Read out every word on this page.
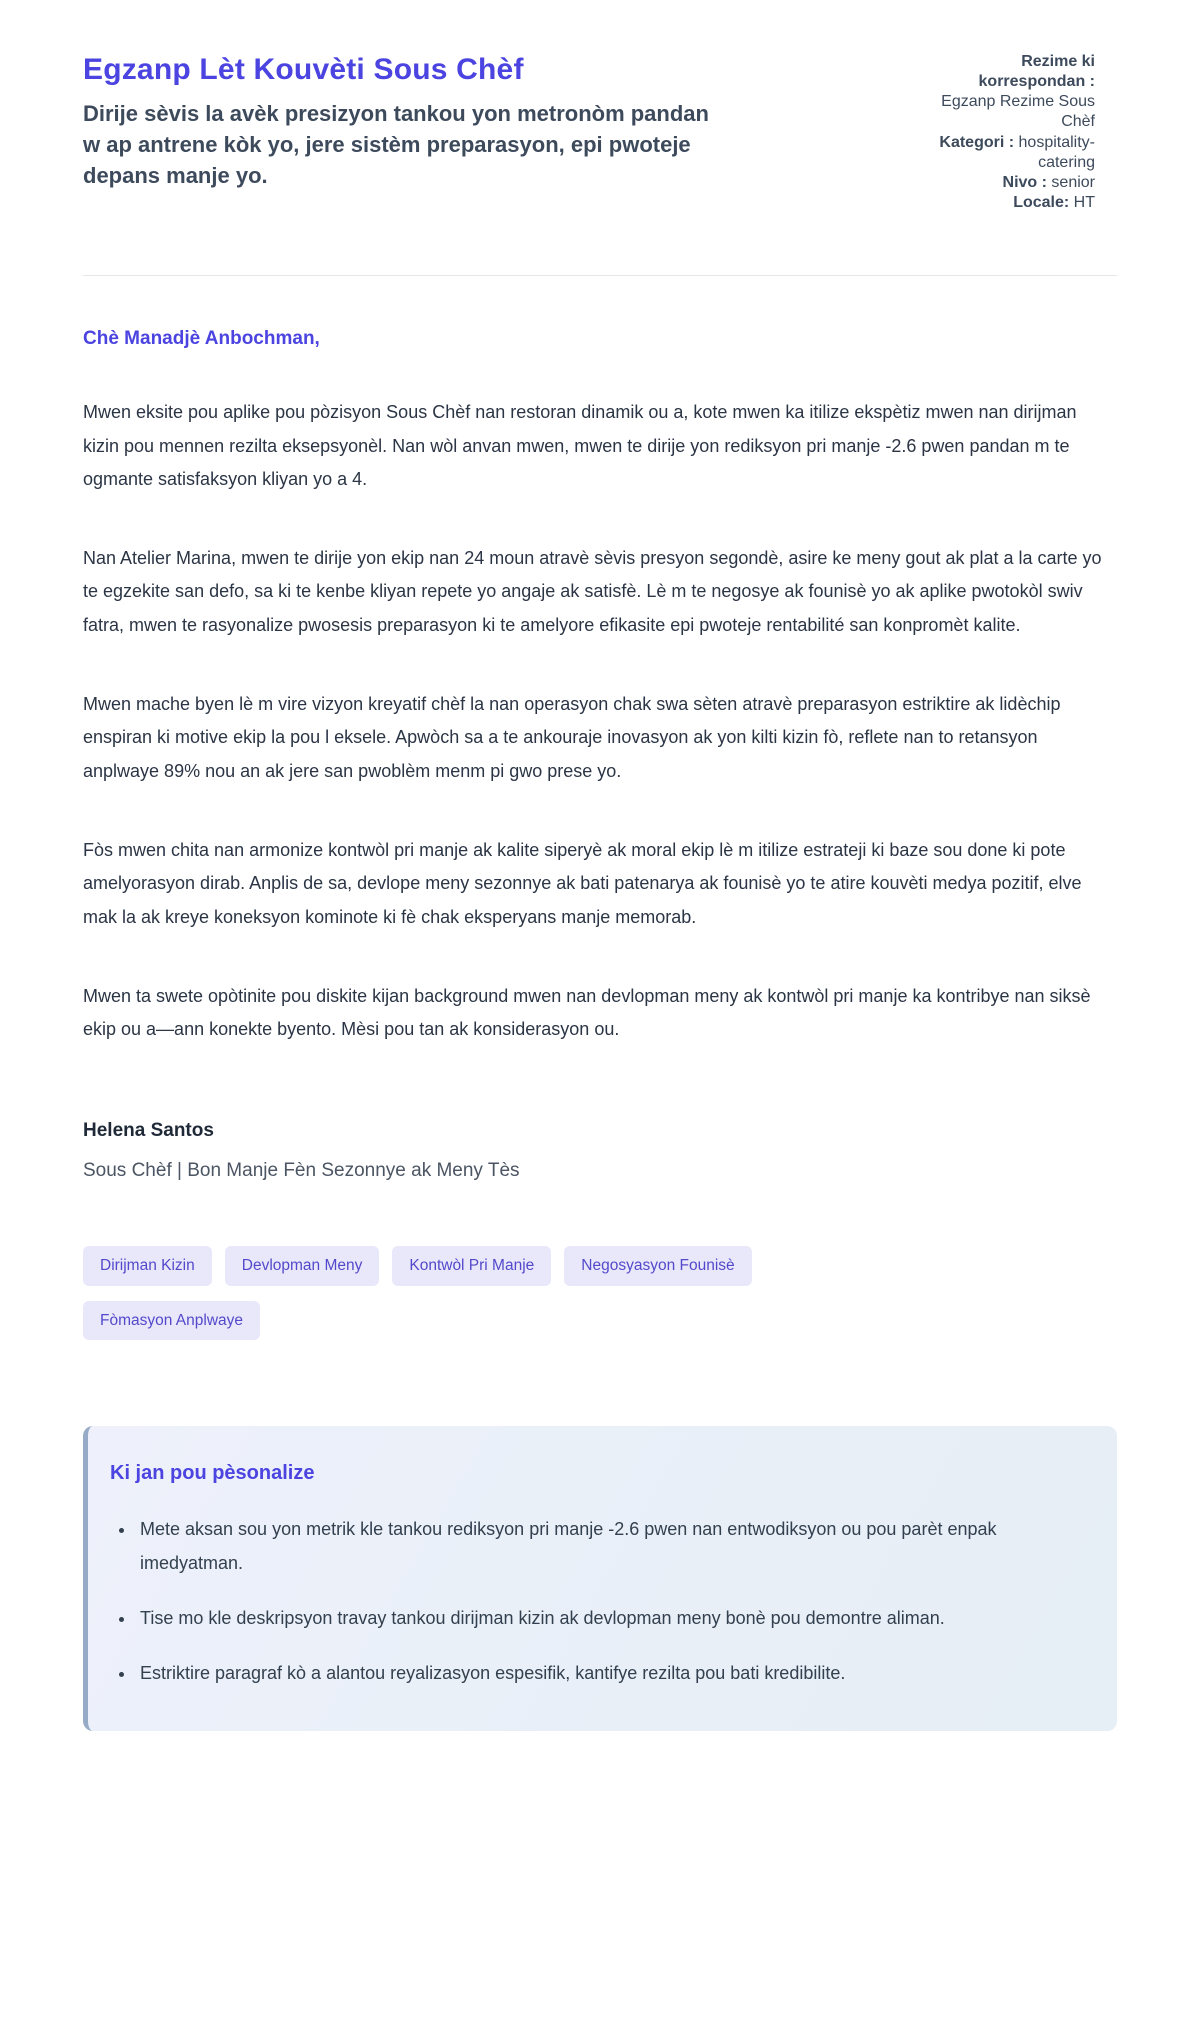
Egzanp Lèt Kouvèti Sous Chèf

Dirije sèvis la avèk presizyon tankou yon metronòm pandan w ap antrene kòk yo, jere sistèm preparasyon, epi pwoteje depans manje yo.

Rezime ki korrespondan : Egzanp Rezime Sous Chèf
Kategori : hospitality-catering
Nivo : senior
Locale: HT

Chè Manadjè Anbochman,

Mwen eksite pou aplike pou pòzisyon Sous Chèf nan restoran dinamik ou a, kote mwen ka itilize ekspètiz mwen nan dirijman kizin pou mennen rezilta eksepsyonèl. Nan wòl anvan mwen, mwen te dirije yon rediksyon pri manje -2.6 pwen pandan m te ogmante satisfaksyon kliyan yo a 4.

Nan Atelier Marina, mwen te dirije yon ekip nan 24 moun atravè sèvis presyon segondè, asire ke meny gout ak plat a la carte yo te egzekite san defo, sa ki te kenbe kliyan repete yo angaje ak satisfè. Lè m te negosye ak founisè yo ak aplike pwotokòl swiv fatra, mwen te rasyonalize pwosesis preparasyon ki te amelyore efikasite epi pwoteje rentabilité san konpromèt kalite.

Mwen mache byen lè m vire vizyon kreyatif chèf la nan operasyon chak swa sèten atravè preparasyon estriktire ak lidèchip enspiran ki motive ekip la pou l eksele. Apwòch sa a te ankouraje inovasyon ak yon kilti kizin fò, reflete nan to retansyon anplwaye 89% nou an ak jere san pwoblèm menm pi gwo prese yo.

Fòs mwen chita nan armonize kontwòl pri manje ak kalite siperyè ak moral ekip lè m itilize estrateji ki baze sou done ki pote amelyorasyon dirab. Anplis de sa, devlope meny sezonnye ak bati patenarya ak founisè yo te atire kouvèti medya pozitif, elve mak la ak kreye koneksyon kominote ki fè chak eksperyans manje memorab.

Mwen ta swete opòtinite pou diskite kijan background mwen nan devlopman meny ak kontwòl pri manje ka kontribye nan siksè ekip ou a—ann konekte byento. Mèsi pou tan ak konsiderasyon ou.

Helena Santos

Sous Chèf | Bon Manje Fèn Sezonnye ak Meny Tès

Dirijman Kizin	Devlopman Meny	Kontwòl Pri Manje	Negosyasyon Founisè
Fòmasyon Anplwaye

Ki jan pou pèsonalize

• Mete aksan sou yon metrik kle tankou rediksyon pri manje -2.6 pwen nan entwodiksyon ou pou parèt enpak imedyatman.
• Tise mo kle deskripsyon travay tankou dirijman kizin ak devlopman meny bonè pou demontre aliman.
• Estriktire paragraf kò a alantou reyalizasyon espesifik, kantifye rezilta pou bati kredibilite.
